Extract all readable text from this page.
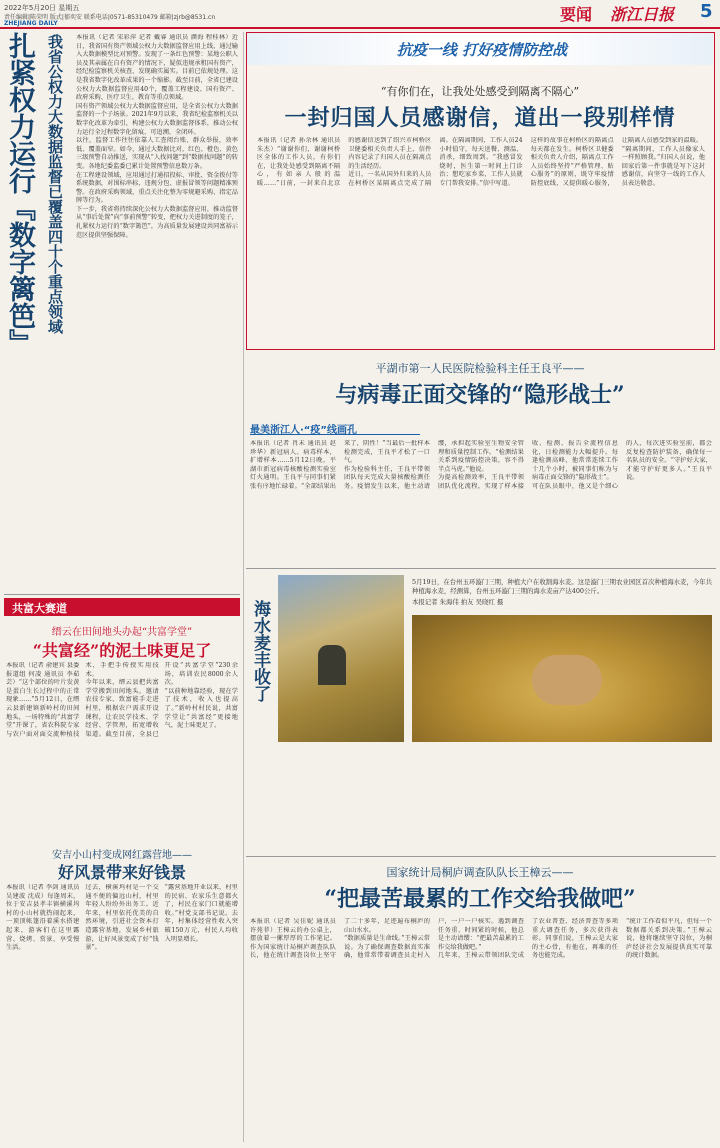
2022年5月20日 星期五
责任编辑|陈荣明 版式|郁奕安 联系电话|0571-85310479 邮箱|zjrb@8531.cn
ZHEJIANG DAILY	要闻 浙江日报 5
扎紧权力运行『数字篱笆』 我省公权力大数据监督已覆盖四十个重点领域	本报讯（记者 宋彩萍 记者 戴睿 通讯员 颜海 程桂林）近日，我省国有资产领域公权力大数据监督应用上线，通过输入大数据模型比对预警。发现了一条红色预警：某地公职人员及其亲属在自有资产的情况下，疑似违规承租国有资产，经纪检监察机关核查，发现确实属实。目前已依规处理。这是我省数字化改革成果的一个缩影。截至目前，全省已建设公权力大数据监督应用40个，覆盖工程建设、国有资产、政府采购、医疗卫生、教育等重点领域。
国有资产领域公权力大数据监督应用，是全省公权力大数据监督的一个子场景。2021年9月以来，我省纪检监察机关以数字化改革为牵引，构建公权力大数据监督体系，推动公权力运行全过程数字化留痕、可追溯、全闭环。
以往，监督工作往往依靠人工查阅台账、群众举报，效率低、覆盖面窄。如今，通过大数据比对，红色、橙色、黄色三级预警自动推送，实现从“人找问题”到“数据找问题”的转变。各地纪委监委已累计处置预警信息数万条。
在工程建设领域，应用通过打通招投标、审批、资金拨付等系统数据，对围标串标、违规分包、虚报冒领等问题精准预警。在政府采购领域，重点关注化整为零规避采购、指定品牌等行为。
下一步，我省将持续深化公权力大数据监督应用，推动监督从“事后处置”向“事前预警”转变，把权力关进制度的笼子，扎紧权力运行的“数字篱笆”，为高质量发展建设共同富裕示范区提供坚强保障。
抗疫一线 打好疫情防控战
“有你们在，让我处处感受到隔离不隔心”
一封归国人员感谢信，道出一段别样情
本报讯（记者 孙余林 通讯员 朱杰）“谢谢你们，谢谢柯桥区全体的工作人员，有你们在，让我处处感受到隔离不隔心，有如亲人般的温暖……”日前，一封来自北京的感谢信送到了绍兴市柯桥区卫健委相关负责人手上，信件内容记录了归国人员在隔离点的生活经历。
近日，一名从国外归来的人员在柯桥区某隔离点完成了隔离。在隔离期间，工作人员24小时值守，每天送餐、测温、消杀，细致周到。“我感冒发烧时，医生第一时间上门诊治；想吃家乡菜，工作人员就专门帮我安排。”信中写道。
这样的故事在柯桥区的隔离点每天都在发生。柯桥区卫健委相关负责人介绍，隔离点工作人员始终坚持“严格管理、贴心服务”的原则，既守牢疫情防控底线，又提供暖心服务，让隔离人员感受到家的温暖。
“隔离期间，工作人员像家人一样照顾我。”归国人员说，他回家后第一件事就是写下这封感谢信，向坚守一线的工作人员表达敬意。
平湖市第一人民医院检验科主任王良平——
与病毒正面交锋的“隐形战士”
最美浙江人·“疫”线画孔
本报讯（记者 肖未 通讯员 赵珍华）新冠病人、病毒样本，扩增样本……5月12日晚，平湖市新冠病毒核酸检测实验室灯火通明。王良平与同事们紧张有序地忙碌着。“全部结果出来了，阴性！”当最后一批样本检测完成，王良平才松了一口气。
作为检验科主任，王良平带领团队每天完成大量核酸检测任务。疫情发生以来，他主动请缨，承担起实验室生物安全管理和质量控制工作。“检测结果关系到疫情防控决策，容不得半点马虎。”他说。
为提高检测效率，王良平带领团队优化流程，实现了样本接收、检测、报告全流程信息化，日检测能力大幅提升。每逢检测高峰，他常常连续工作十几个小时，被同事们称为与病毒正面交锋的“隐形战士”。
可在队员眼中，他又是个细心的人，每次进实验室前，都会反复检查防护装备，确保每一名队员的安全。“守护好大家，才能守护好更多人。”王良平说。
海水麦丰收了
5月19日，在台州玉环漩门三期，种植大户在收割海水麦。这是漩门三期农业园区首次种植海水麦，今年共种植海水麦，经测算，台州玉环漩门三期的海水麦亩产达400公斤。
本报记者 朱海伟 拍友 吴晓红 摄
共富大赛道
缙云在田间地头办起“共富学堂”
“共富经”的泥土味更足了
本报讯（记者 俞建宾 县委 报道组 何凌 通讯员 李茹芸）“这个部位的叶片发黄是蛋白生长过程中的正常现象……”5月12日，在缙云县新建镇新岭村的田间地头，一场特殊的“共富学堂”开课了，省农科院专家与农户面对面交流种植技术，手把手传授实用技术。
今年以来，缙云县把共富学堂搬到田间地头，邀请农技专家、致富能手走进村里，根据农户需求开设课程，让农民学技术、学经营、学管理，拓宽增收渠道。截至目前，全县已开设“共富学堂”230余场，培训农民8000余人次。
“以前种地靠经验，现在学了技术，收入也提高了。”新岭村村民说，共富学堂让“共富经”更接地气，泥土味更足了。
安吉小山村变成网红露营地——
好风景带来好钱景
本报讯（记者 李剑 通讯员 吴建波 沈成）每逢周末，位于安吉县孝丰镇横溪坞村的小山村就热闹起来，一顶顶帐篷沿着溪水搭建起来，游客们在这里露营、烧烤、赏景，享受慢生活。
过去，横溪坞村是一个交通不便的偏远山村，村里年轻人纷纷外出务工。近年来，村里依托优美的自然环境，引进社会资本打造露营基地，发展乡村旅游，让好风景变成了好“钱景”。
“露营基地开业以来，村里的民宿、农家乐生意都火了，村民在家门口就能增收。”村党支部书记说。去年，村集体经营性收入突破150万元，村民人均收入明显增长。
国家统计局桐庐调查队队长王樟云——
“把最苦最累的工作交给我做吧”
本报讯（记者 吴佳妮 通讯员 许苑菲）王樟云的办公桌上，摆放着一摞厚厚的工作笔记。作为国家统计局桐庐调查队队长，他在统计调查岗位上坚守了二十多年，足迹遍布桐庐的山山水水。
“数据质量是生命线。”王樟云常说。为了确保调查数据真实准确，他常常带着调查员走村入户，一户一户核实。遇到调查任务重、时间紧的时候，他总是主动请缨：“把最苦最累的工作交给我做吧。”
几年来，王樟云带领团队完成了农业普查、经济普查等多项重大调查任务，多次获得表彰。同事们说，王樟云是大家的主心骨，有他在，再难的任务也能完成。
“统计工作看似平凡，但每一个数据都关系到决策。”王樟云说，他将继续坚守岗位，为桐庐经济社会发展提供真实可靠的统计数据。
